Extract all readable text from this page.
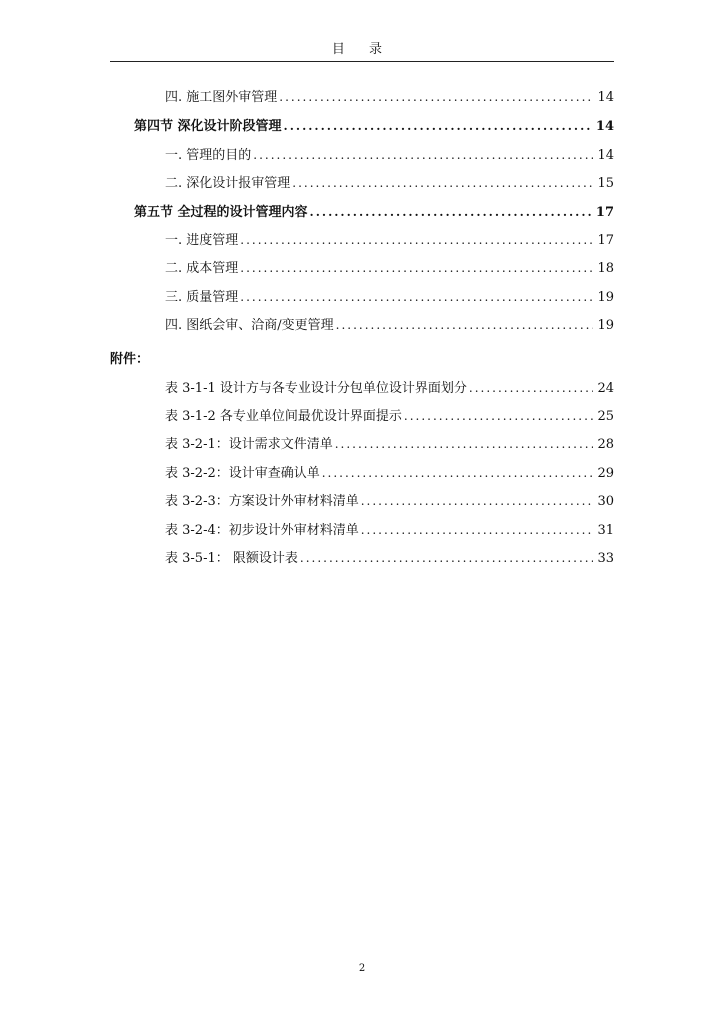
目 录
四. 施工图外审管理 .....	14
第四节 深化设计阶段管理 .....	14
一. 管理的目的 .....	14
二. 深化设计报审管理 .....	15
第五节 全过程的设计管理内容 .....	17
一. 进度管理 .....	17
二. 成本管理 .....	18
三. 质量管理 .....	19
四. 图纸会审、洽商/变更管理 .....	19
附件：
表 3-1-1 设计方与各专业设计分包单位设计界面划分 .....	24
表 3-1-2 各专业单位间最优设计界面提示 .....	25
表 3-2-1：设计需求文件清单 .....	28
表 3-2-2：设计审查确认单 .....	29
表 3-2-3：方案设计外审材料清单 .....	30
表 3-2-4：初步设计外审材料清单 .....	31
表 3-5-1： 限额设计表 .....	33
2
